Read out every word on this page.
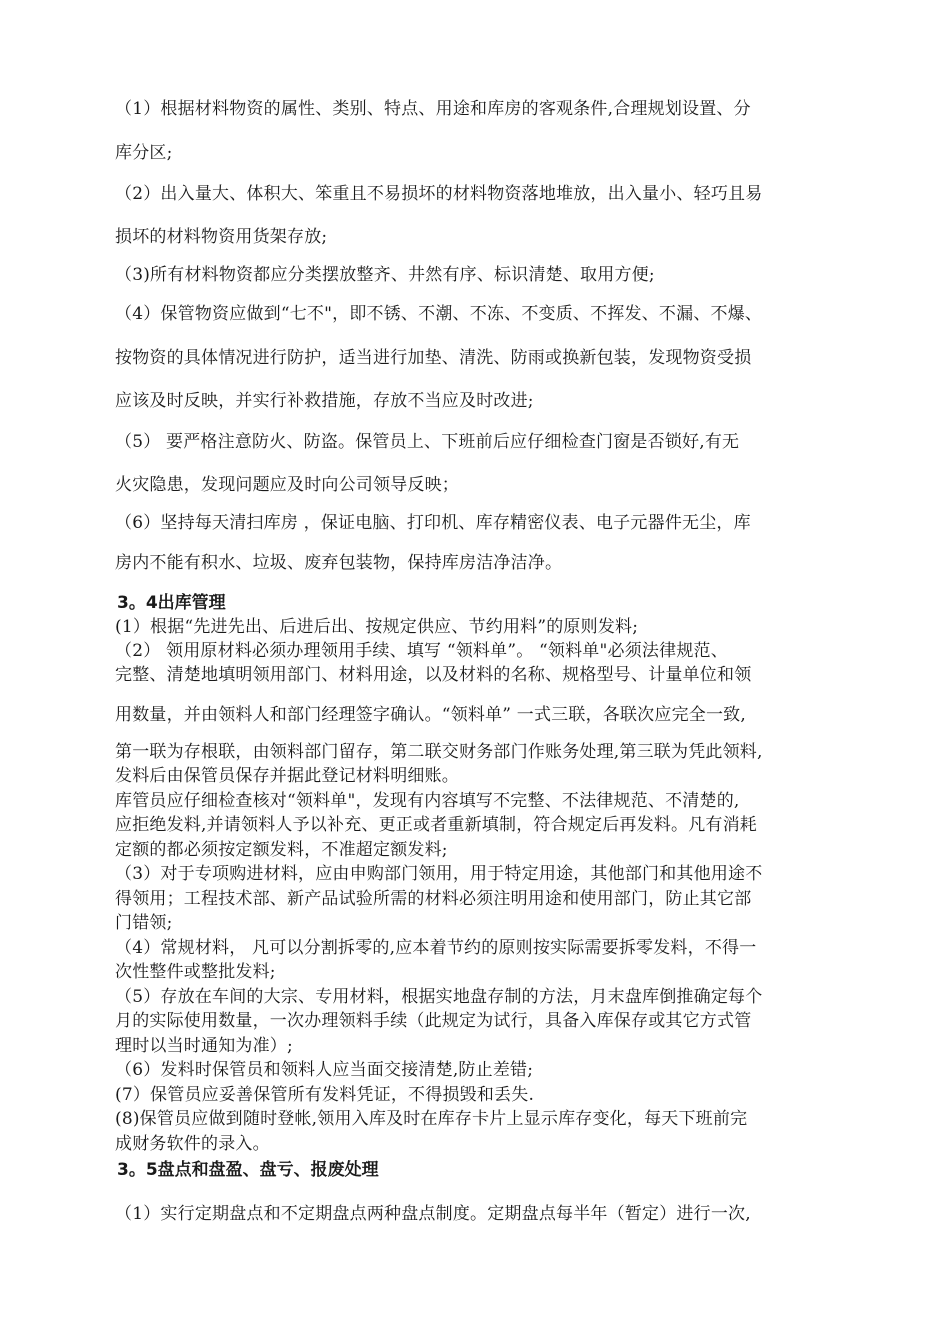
（1）根据材料物资的属性、类别、特点、用途和库房的客观条件,合理规划设置、分
库分区;
（2）出入量大、体积大、笨重且不易损坏的材料物资落地堆放，出入量小、轻巧且易
损坏的材料物资用货架存放;
（3)所有材料物资都应分类摆放整齐、井然有序、标识清楚、取用方便;
（4）保管物资应做到“七不"，即不锈、不潮、不冻、不变质、不挥发、不漏、不爆、
按物资的具体情况进行防护，适当进行加垫、清洗、防雨或换新包装，发现物资受损
应该及时反映，并实行补救措施，存放不当应及时改进;
（5） 要严格注意防火、防盗。保管员上、下班前后应仔细检查门窗是否锁好,有无
火灾隐患，发现问题应及时向公司领导反映；
（6）坚持每天清扫库房 ，保证电脑、打印机、库存精密仪表、电子元器件无尘，库
房内不能有积水、垃圾、废弃包装物，保持库房洁净洁净。
3。4出库管理
(1）根据“先进先出、后进后出、按规定供应、节约用料”的原则发料;
（2） 领用原材料必须办理领用手续、填写 “领料单”。 “领料单"必须法律规范、
完整、清楚地填明领用部门、材料用途，以及材料的名称、规格型号、计量单位和领
用数量，并由领料人和部门经理签字确认。“领料单” 一式三联，各联次应完全一致,
第一联为存根联，由领料部门留存，第二联交财务部门作账务处理,第三联为凭此领料,
发料后由保管员保存并据此登记材料明细账。
库管员应仔细检查核对“领料单"，发现有内容填写不完整、不法律规范、不清楚的,
应拒绝发料,并请领料人予以补充、更正或者重新填制，符合规定后再发料。凡有消耗
定额的都必须按定额发料，不准超定额发料;
（3）对于专项购进材料，应由申购部门领用，用于特定用途，其他部门和其他用途不
得领用；工程技术部、新产品试验所需的材料必须注明用途和使用部门，防止其它部
门错领;
（4）常规材料， 凡可以分割拆零的,应本着节约的原则按实际需要拆零发料，不得一
次性整件或整批发料;
（5）存放在车间的大宗、专用材料，根据实地盘存制的方法，月末盘库倒推确定每个
月的实际使用数量，一次办理领料手续（此规定为试行，具备入库保存或其它方式管
理时以当时通知为准）;
（6）发料时保管员和领料人应当面交接清楚,防止差错;
(7）保管员应妥善保管所有发料凭证，不得损毁和丢失.
(8)保管员应做到随时登帐,领用入库及时在库存卡片上显示库存变化，每天下班前完
成财务软件的录入。
3。5盘点和盘盈、盘亏、报废处理
（1）实行定期盘点和不定期盘点两种盘点制度。定期盘点每半年（暂定）进行一次,
